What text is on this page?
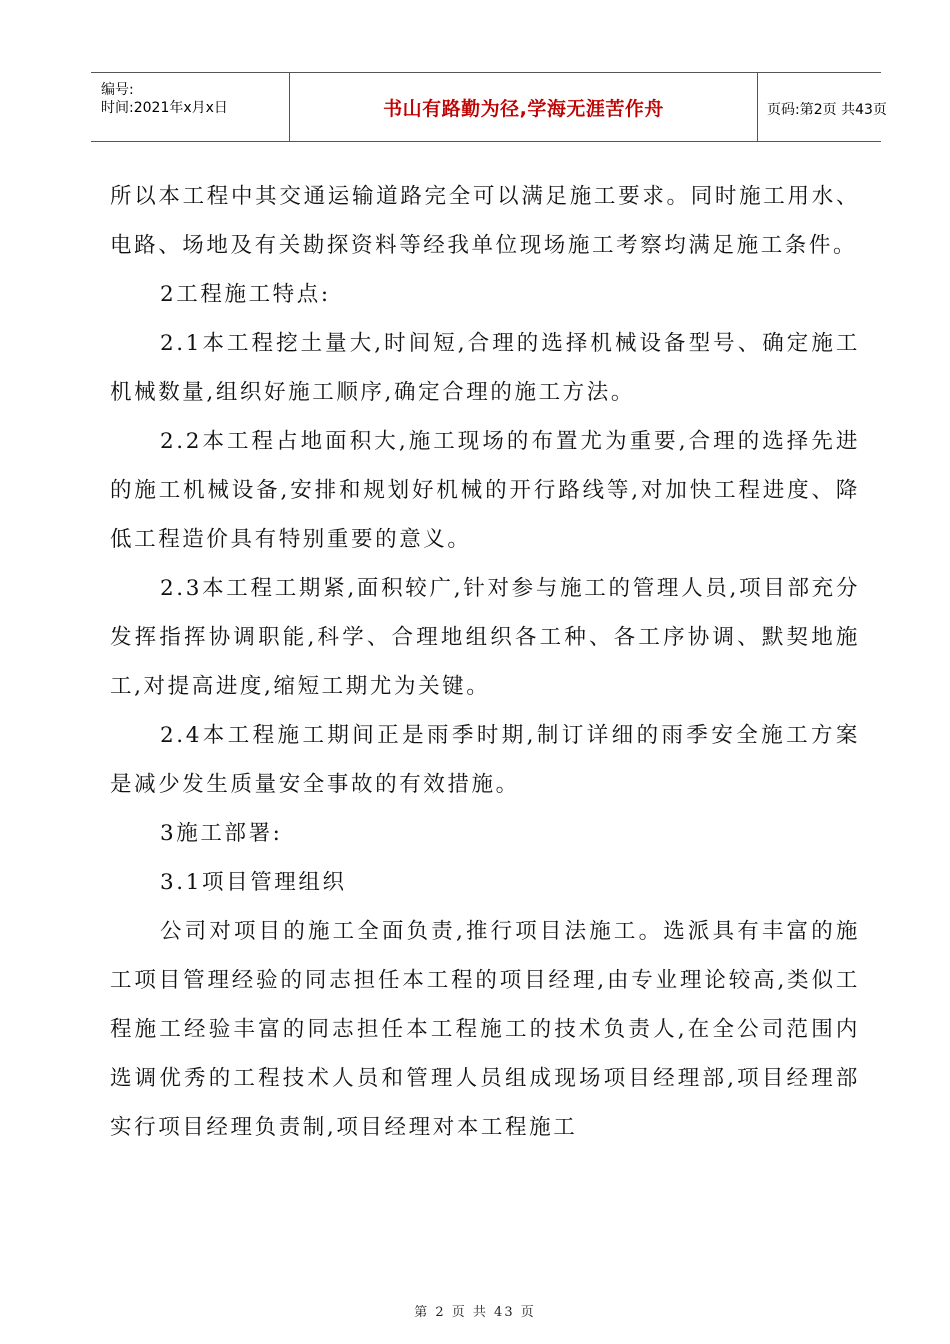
编号:
时间:2021年x月x日	书山有路勤为径,学海无涯苦作舟	页码:第2页 共43页

所以本工程中其交通运输道路完全可以满足施工要求。同时施工用水、电路、场地及有关勘探资料等经我单位现场施工考察均满足施工条件。

2工程施工特点:

2.1本工程挖土量大,时间短,合理的选择机械设备型号、确定施工机械数量,组织好施工顺序,确定合理的施工方法。

2.2本工程占地面积大,施工现场的布置尤为重要,合理的选择先进的施工机械设备,安排和规划好机械的开行路线等,对加快工程进度、降低工程造价具有特别重要的意义。

2.3本工程工期紧,面积较广,针对参与施工的管理人员,项目部充分发挥指挥协调职能,科学、合理地组织各工种、各工序协调、默契地施工,对提高进度,缩短工期尤为关键。

2.4本工程施工期间正是雨季时期,制订详细的雨季安全施工方案是减少发生质量安全事故的有效措施。

3施工部署:

3.1项目管理组织

公司对项目的施工全面负责,推行项目法施工。选派具有丰富的施工项目管理经验的同志担任本工程的项目经理,由专业理论较高,类似工程施工经验丰富的同志担任本工程施工的技术负责人,在全公司范围内选调优秀的工程技术人员和管理人员组成现场项目经理部,项目经理部实行项目经理负责制,项目经理对本工程施工

第 2 页 共 43 页
